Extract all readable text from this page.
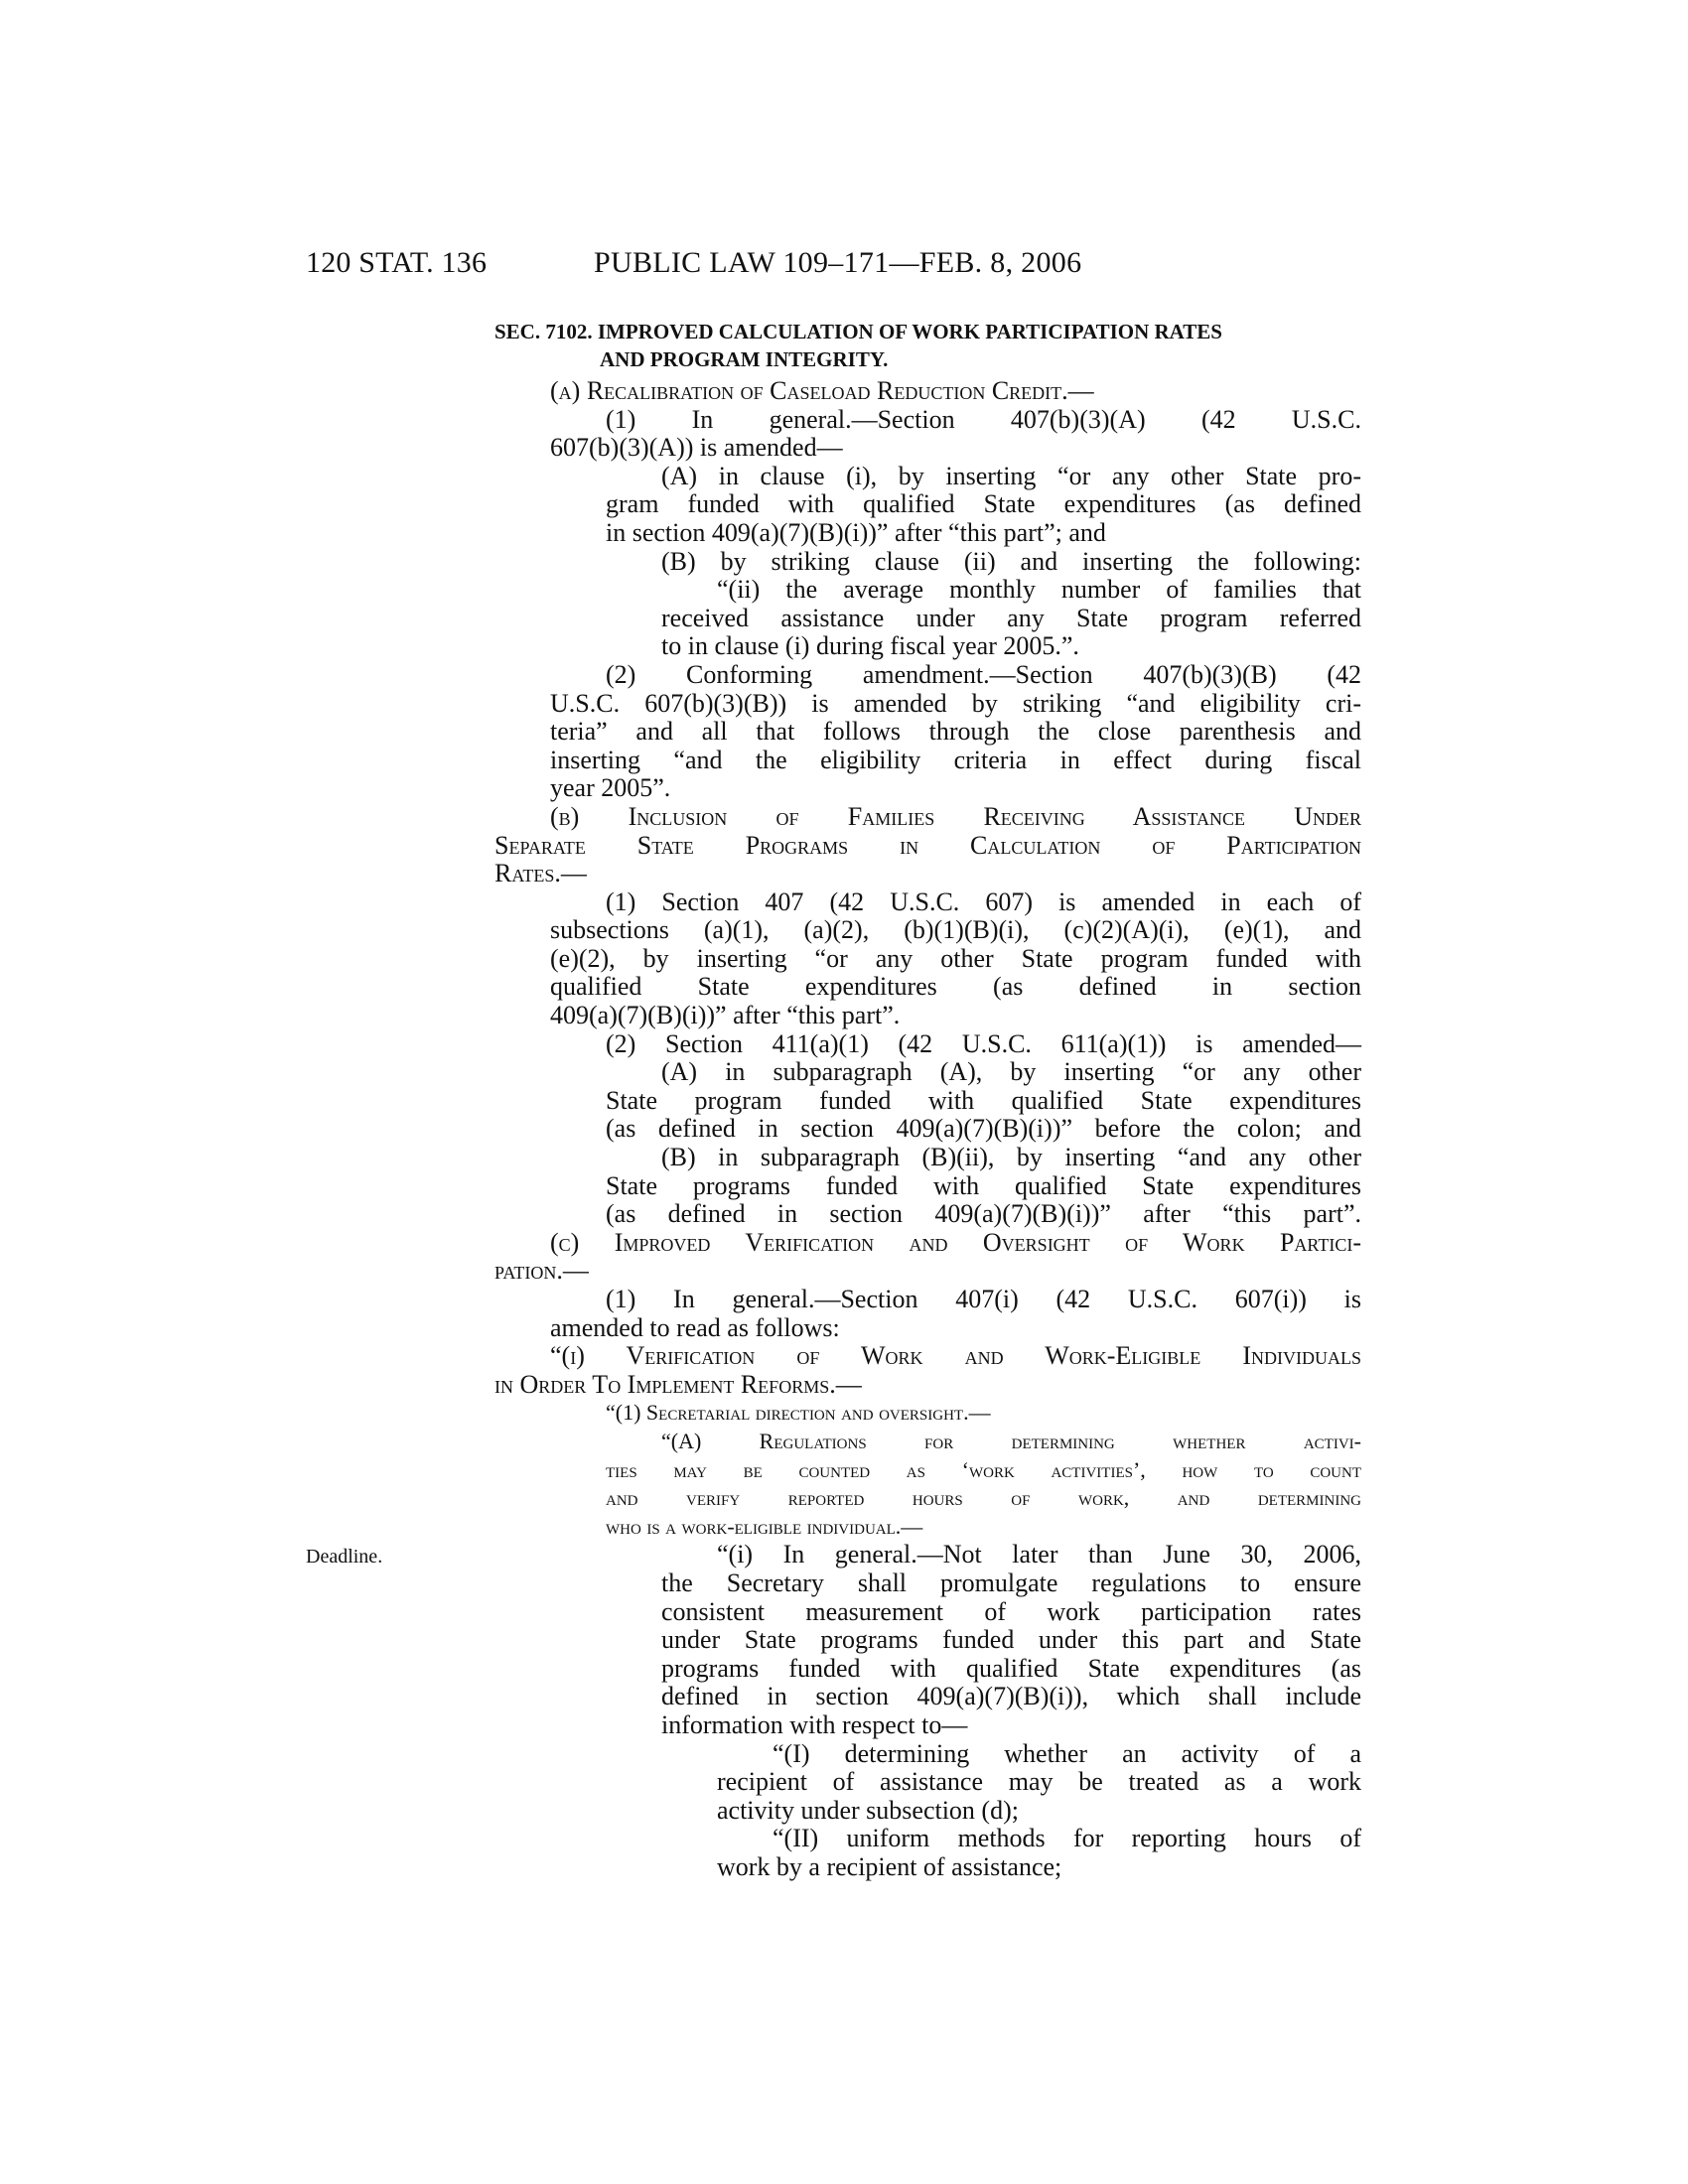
120 STAT. 136	PUBLIC LAW 109–171—FEB. 8, 2006
SEC. 7102. IMPROVED CALCULATION OF WORK PARTICIPATION RATES
AND PROGRAM INTEGRITY.
Deadline.
(a) Recalibration of Caseload Reduction Credit.—
(1) In general.—Section 407(b)(3)(A) (42 U.S.C.
607(b)(3)(A)) is amended—
(A) in clause (i), by inserting “or any other State pro-
gram funded with qualified State expenditures (as defined
in section 409(a)(7)(B)(i))” after “this part”; and
(B) by striking clause (ii) and inserting the following:
“(ii) the average monthly number of families that
received assistance under any State program referred
to in clause (i) during fiscal year 2005.”.
(2) Conforming amendment.—Section 407(b)(3)(B) (42
U.S.C. 607(b)(3)(B)) is amended by striking “and eligibility cri-
teria” and all that follows through the close parenthesis and
inserting “and the eligibility criteria in effect during fiscal
year 2005”.
(b) Inclusion of Families Receiving Assistance Under
Separate State Programs in Calculation of Participation
Rates.—
(1) Section 407 (42 U.S.C. 607) is amended in each of
subsections (a)(1), (a)(2), (b)(1)(B)(i), (c)(2)(A)(i), (e)(1), and
(e)(2), by inserting “or any other State program funded with
qualified State expenditures (as defined in section
409(a)(7)(B)(i))” after “this part”.
(2) Section 411(a)(1) (42 U.S.C. 611(a)(1)) is amended—
(A) in subparagraph (A), by inserting “or any other
State program funded with qualified State expenditures
(as defined in section 409(a)(7)(B)(i))” before the colon; and
(B) in subparagraph (B)(ii), by inserting “and any other
State programs funded with qualified State expenditures
(as defined in section 409(a)(7)(B)(i))” after “this part”.
(c) Improved Verification and Oversight of Work Partici-
pation.—
(1) In general.—Section 407(i) (42 U.S.C. 607(i)) is
amended to read as follows:
“(i) Verification of Work and Work-Eligible Individuals
in Order To Implement Reforms.—
“(1) Secretarial direction and oversight.—
“(A) Regulations for determining whether activi-
ties may be counted as ‘work activities’, how to count
and verify reported hours of work, and determining
who is a work-eligible individual.—
“(i) In general.—Not later than June 30, 2006,
the Secretary shall promulgate regulations to ensure
consistent measurement of work participation rates
under State programs funded under this part and State
programs funded with qualified State expenditures (as
defined in section 409(a)(7)(B)(i)), which shall include
information with respect to—
“(I) determining whether an activity of a
recipient of assistance may be treated as a work
activity under subsection (d);
“(II) uniform methods for reporting hours of
work by a recipient of assistance;
